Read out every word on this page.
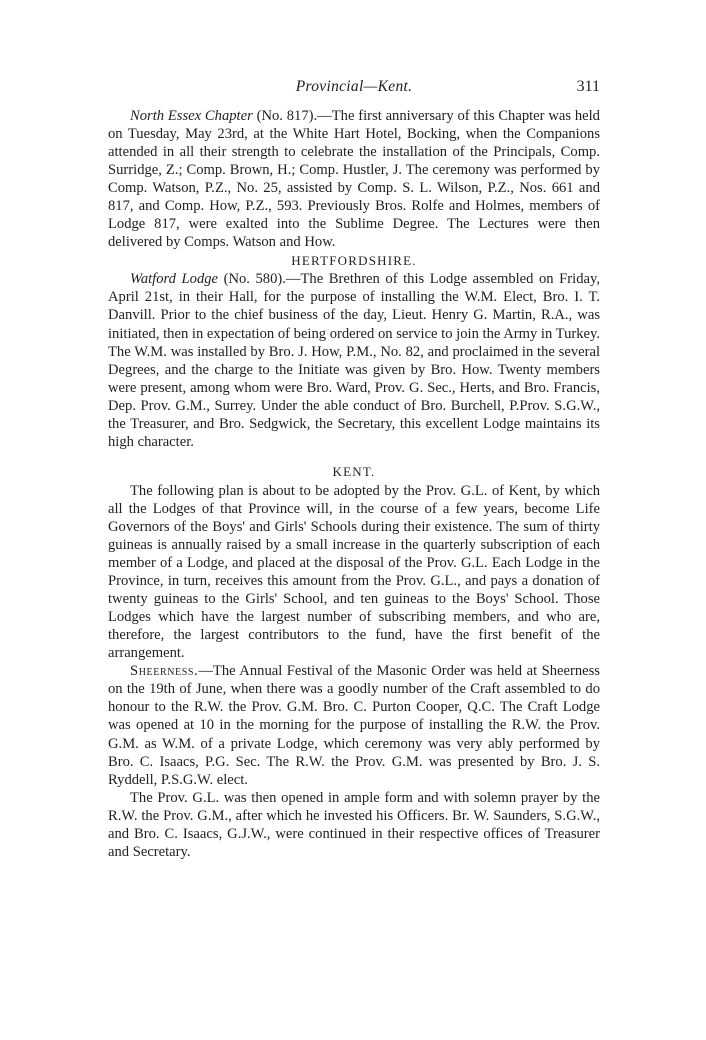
Provincial—Kent.	311

North Essex Chapter (No. 817).—The first anniversary of this Chapter was held on Tuesday, May 23rd, at the White Hart Hotel, Bocking, when the Companions attended in all their strength to celebrate the installation of the Principals, Comp. Surridge, Z.; Comp. Brown, H.; Comp. Hustler, J. The ceremony was performed by Comp. Watson, P.Z., No. 25, assisted by Comp. S. L. Wilson, P.Z., Nos. 661 and 817, and Comp. How, P.Z., 593. Previously Bros. Rolfe and Holmes, members of Lodge 817, were exalted into the Sublime Degree. The Lectures were then delivered by Comps. Watson and How.

HERTFORDSHIRE.

Watford Lodge (No. 580).—The Brethren of this Lodge assembled on Friday, April 21st, in their Hall, for the purpose of installing the W.M. Elect, Bro. I. T. Danvill. Prior to the chief business of the day, Lieut. Henry G. Martin, R.A., was initiated, then in expectation of being ordered on service to join the Army in Turkey. The W.M. was installed by Bro. J. How, P.M., No. 82, and proclaimed in the several Degrees, and the charge to the Initiate was given by Bro. How. Twenty members were present, among whom were Bro. Ward, Prov. G. Sec., Herts, and Bro. Francis, Dep. Prov. G.M., Surrey. Under the able conduct of Bro. Burchell, P.Prov. S.G.W., the Treasurer, and Bro. Sedgwick, the Secretary, this excellent Lodge maintains its high character.

KENT.

The following plan is about to be adopted by the Prov. G.L. of Kent, by which all the Lodges of that Province will, in the course of a few years, become Life Governors of the Boys' and Girls' Schools during their existence. The sum of thirty guineas is annually raised by a small increase in the quarterly subscription of each member of a Lodge, and placed at the disposal of the Prov. G.L. Each Lodge in the Province, in turn, receives this amount from the Prov. G.L., and pays a donation of twenty guineas to the Girls' School, and ten guineas to the Boys' School. Those Lodges which have the largest number of subscribing members, and who are, therefore, the largest contributors to the fund, have the first benefit of the arrangement.

Sheerness.—The Annual Festival of the Masonic Order was held at Sheerness on the 19th of June, when there was a goodly number of the Craft assembled to do honour to the R.W. the Prov. G.M. Bro. C. Purton Cooper, Q.C. The Craft Lodge was opened at 10 in the morning for the purpose of installing the R.W. the Prov. G.M. as W.M. of a private Lodge, which ceremony was very ably performed by Bro. C. Isaacs, P.G. Sec. The R.W. the Prov. G.M. was presented by Bro. J. S. Ryddell, P.S.G.W. elect.

The Prov. G.L. was then opened in ample form and with solemn prayer by the R.W. the Prov. G.M., after which he invested his Officers. Br. W. Saunders, S.G.W., and Bro. C. Isaacs, G.J.W., were continued in their respective offices of Treasurer and Secretary.
